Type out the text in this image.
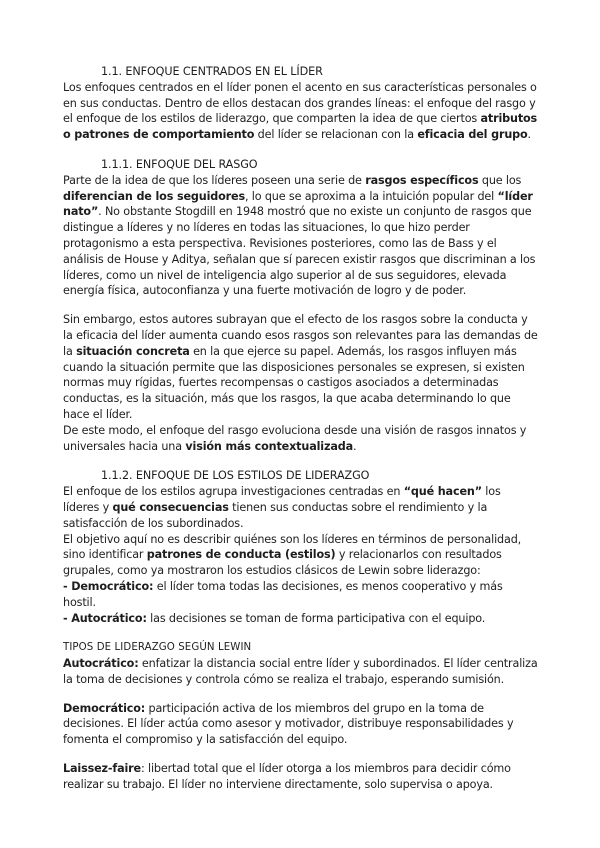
1.1. ENFOQUE CENTRADOS EN EL LÍDER

Los enfoques centrados en el líder ponen el acento en sus características personales o en sus conductas. Dentro de ellos destacan dos grandes líneas: el enfoque del rasgo y el enfoque de los estilos de liderazgo, que comparten la idea de que ciertos atributos o patrones de comportamiento del líder se relacionan con la eficacia del grupo.

1.1.1. ENFOQUE DEL RASGO

Parte de la idea de que los líderes poseen una serie de rasgos específicos que los diferencian de los seguidores, lo que se aproxima a la intuición popular del “líder nato”. No obstante Stogdill en 1948 mostró que no existe un conjunto de rasgos que distingue a líderes y no líderes en todas las situaciones, lo que hizo perder protagonismo a esta perspectiva. Revisiones posteriores, como las de Bass y el análisis de House y Aditya, señalan que sí parecen existir rasgos que discriminan a los líderes, como un nivel de inteligencia algo superior al de sus seguidores, elevada energía física, autoconfianza y una fuerte motivación de logro y de poder.

Sin embargo, estos autores subrayan que el efecto de los rasgos sobre la conducta y la eficacia del líder aumenta cuando esos rasgos son relevantes para las demandas de la situación concreta en la que ejerce su papel. Además, los rasgos influyen más cuando la situación permite que las disposiciones personales se expresen, si existen normas muy rígidas, fuertes recompensas o castigos asociados a determinadas conductas, es la situación, más que los rasgos, la que acaba determinando lo que hace el líder.

De este modo, el enfoque del rasgo evoluciona desde una visión de rasgos innatos y universales hacia una visión más contextualizada.

1.1.2. ENFOQUE DE LOS ESTILOS DE LIDERAZGO

El enfoque de los estilos agrupa investigaciones centradas en “qué hacen” los líderes y qué consecuencias tienen sus conductas sobre el rendimiento y la satisfacción de los subordinados.

El objetivo aquí no es describir quiénes son los líderes en términos de personalidad, sino identificar patrones de conducta (estilos) y relacionarlos con resultados grupales, como ya mostraron los estudios clásicos de Lewin sobre liderazgo:

- Democrático: el líder toma todas las decisiones, es menos cooperativo y más hostil.

- Autocrático: las decisiones se toman de forma participativa con el equipo.

TIPOS DE LIDERAZGO SEGÚN LEWIN

Autocrático: enfatizar la distancia social entre líder y subordinados. El líder centraliza la toma de decisiones y controla cómo se realiza el trabajo, esperando sumisión.

Democrático: participación activa de los miembros del grupo en la toma de decisiones. El líder actúa como asesor y motivador, distribuye responsabilidades y fomenta el compromiso y la satisfacción del equipo.

Laissez-faire: libertad total que el líder otorga a los miembros para decidir cómo realizar su trabajo. El líder no interviene directamente, solo supervisa o apoya.
